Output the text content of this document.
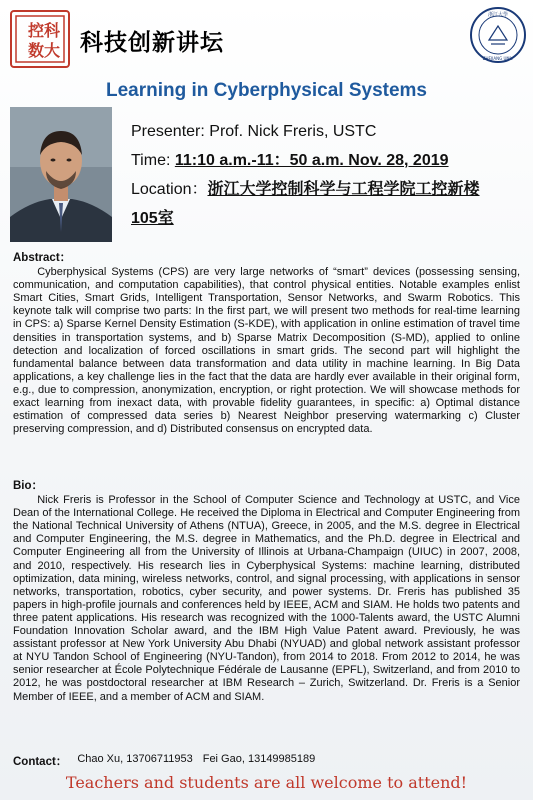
控
科
数
大 科技创新讲坛
浙江大學
ZHEJIANG UNIV
Learning in Cyberphysical Systems
Presenter: Prof. Nick Freris, USTC
Time: 11:10 a.m.-11：50 a.m. Nov. 28, 2019
Location：浙江大学控制科学与工程学院工控新楼
105室
Abstract：

Cyberphysical Systems (CPS) are very large networks of “smart” devices (possessing sensing, communication, and computation capabilities), that control physical entities. Notable examples enlist Smart Cities, Smart Grids, Intelligent Transportation, Sensor Networks, and Swarm Robotics. This keynote talk will comprise two parts: In the first part, we will present two methods for real-time learning in CPS: a) Sparse Kernel Density Estimation (S-KDE), with application in online estimation of travel time densities in transportation systems, and b) Sparse Matrix Decomposition (S-MD), applied to online detection and localization of forced oscillations in smart grids. The second part will highlight the fundamental balance between data transformation and data utility in machine learning. In Big Data applications, a key challenge lies in the fact that the data are hardly ever available in their original form, e.g., due to compression, anonymization, encryption, or right protection. We will showcase methods for exact learning from inexact data, with provable fidelity guarantees, in specific: a) Optimal distance estimation of compressed data series b) Nearest Neighbor preserving watermarking c) Cluster preserving compression, and d) Distributed consensus on encrypted data.

Bio：

Nick Freris is Professor in the School of Computer Science and Technology at USTC, and Vice Dean of the International College. He received the Diploma in Electrical and Computer Engineering from the National Technical University of Athens (NTUA), Greece, in 2005, and the M.S. degree in Electrical and Computer Engineering, the M.S. degree in Mathematics, and the Ph.D. degree in Electrical and Computer Engineering all from the University of Illinois at Urbana-Champaign (UIUC) in 2007, 2008, and 2010, respectively. His research lies in Cyberphysical Systems: machine learning, distributed optimization, data mining, wireless networks, control, and signal processing, with applications in sensor networks, transportation, robotics, cyber security, and power systems. Dr. Freris has published 35 papers in high-profile journals and conferences held by IEEE, ACM and SIAM. He holds two patents and three patent applications. His research was recognized with the 1000-Talents award, the USTC Alumni Foundation Innovation Scholar award, and the IBM High Value Patent award. Previously, he was assistant professor at New York University Abu Dhabi (NYUAD) and global network assistant professor at NYU Tandon School of Engineering (NYU-Tandon), from 2014 to 2018. From 2012 to 2014, he was senior researcher at École Polytechnique Fédérale de Lausanne (EPFL), Switzerland, and from 2010 to 2012, he was postdoctoral researcher at IBM Research – Zurich, Switzerland. Dr. Freris is a Senior Member of IEEE, and a member of ACM and SIAM.

Contact： Chao Xu, 13706711953 Fei Gao, 13149985189
Teachers and students are all welcome to attend!
